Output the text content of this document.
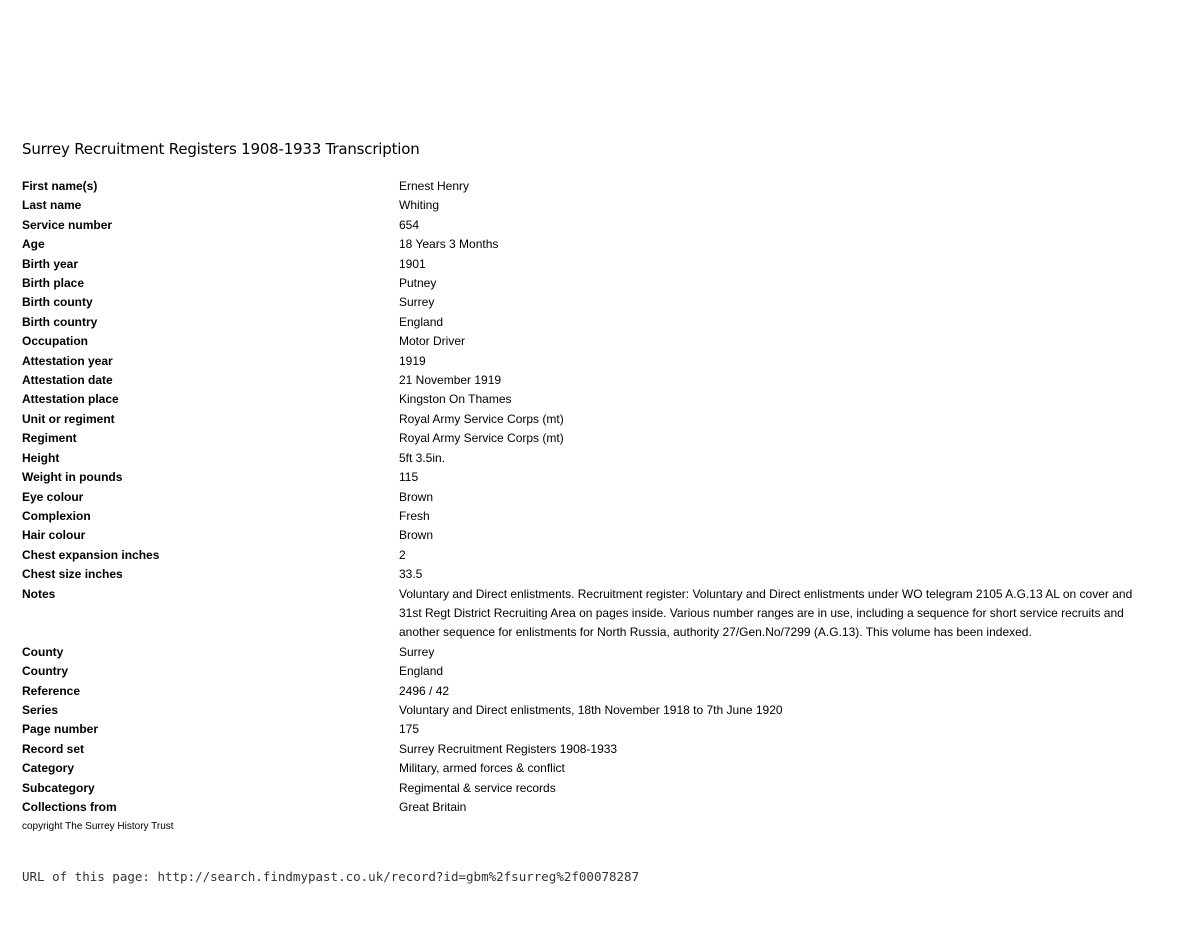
Surrey Recruitment Registers 1908-1933 Transcription
First name(s)	Ernest Henry
Last name	Whiting
Service number	654
Age	18 Years 3 Months
Birth year	1901
Birth place	Putney
Birth county	Surrey
Birth country	England
Occupation	Motor Driver
Attestation year	1919
Attestation date	21 November 1919
Attestation place	Kingston On Thames
Unit or regiment	Royal Army Service Corps (mt)
Regiment	Royal Army Service Corps (mt)
Height	5ft 3.5in.
Weight in pounds	115
Eye colour	Brown
Complexion	Fresh
Hair colour	Brown
Chest expansion inches	2
Chest size inches	33.5
Notes	Voluntary and Direct enlistments. Recruitment register: Voluntary and Direct enlistments under WO telegram 2105 A.G.13 AL on cover and 31st Regt District Recruiting Area on pages inside. Various number ranges are in use, including a sequence for short service recruits and another sequence for enlistments for North Russia, authority 27/Gen.No/7299 (A.G.13). This volume has been indexed.
County	Surrey
Country	England
Reference	2496 / 42
Series	Voluntary and Direct enlistments, 18th November 1918 to 7th June 1920
Page number	175
Record set	Surrey Recruitment Registers 1908-1933
Category	Military, armed forces & conflict
Subcategory	Regimental & service records
Collections from	Great Britain
copyright The Surrey History Trust
URL of this page: http://search.findmypast.co.uk/record?id=gbm%2fsurreg%2f00078287
